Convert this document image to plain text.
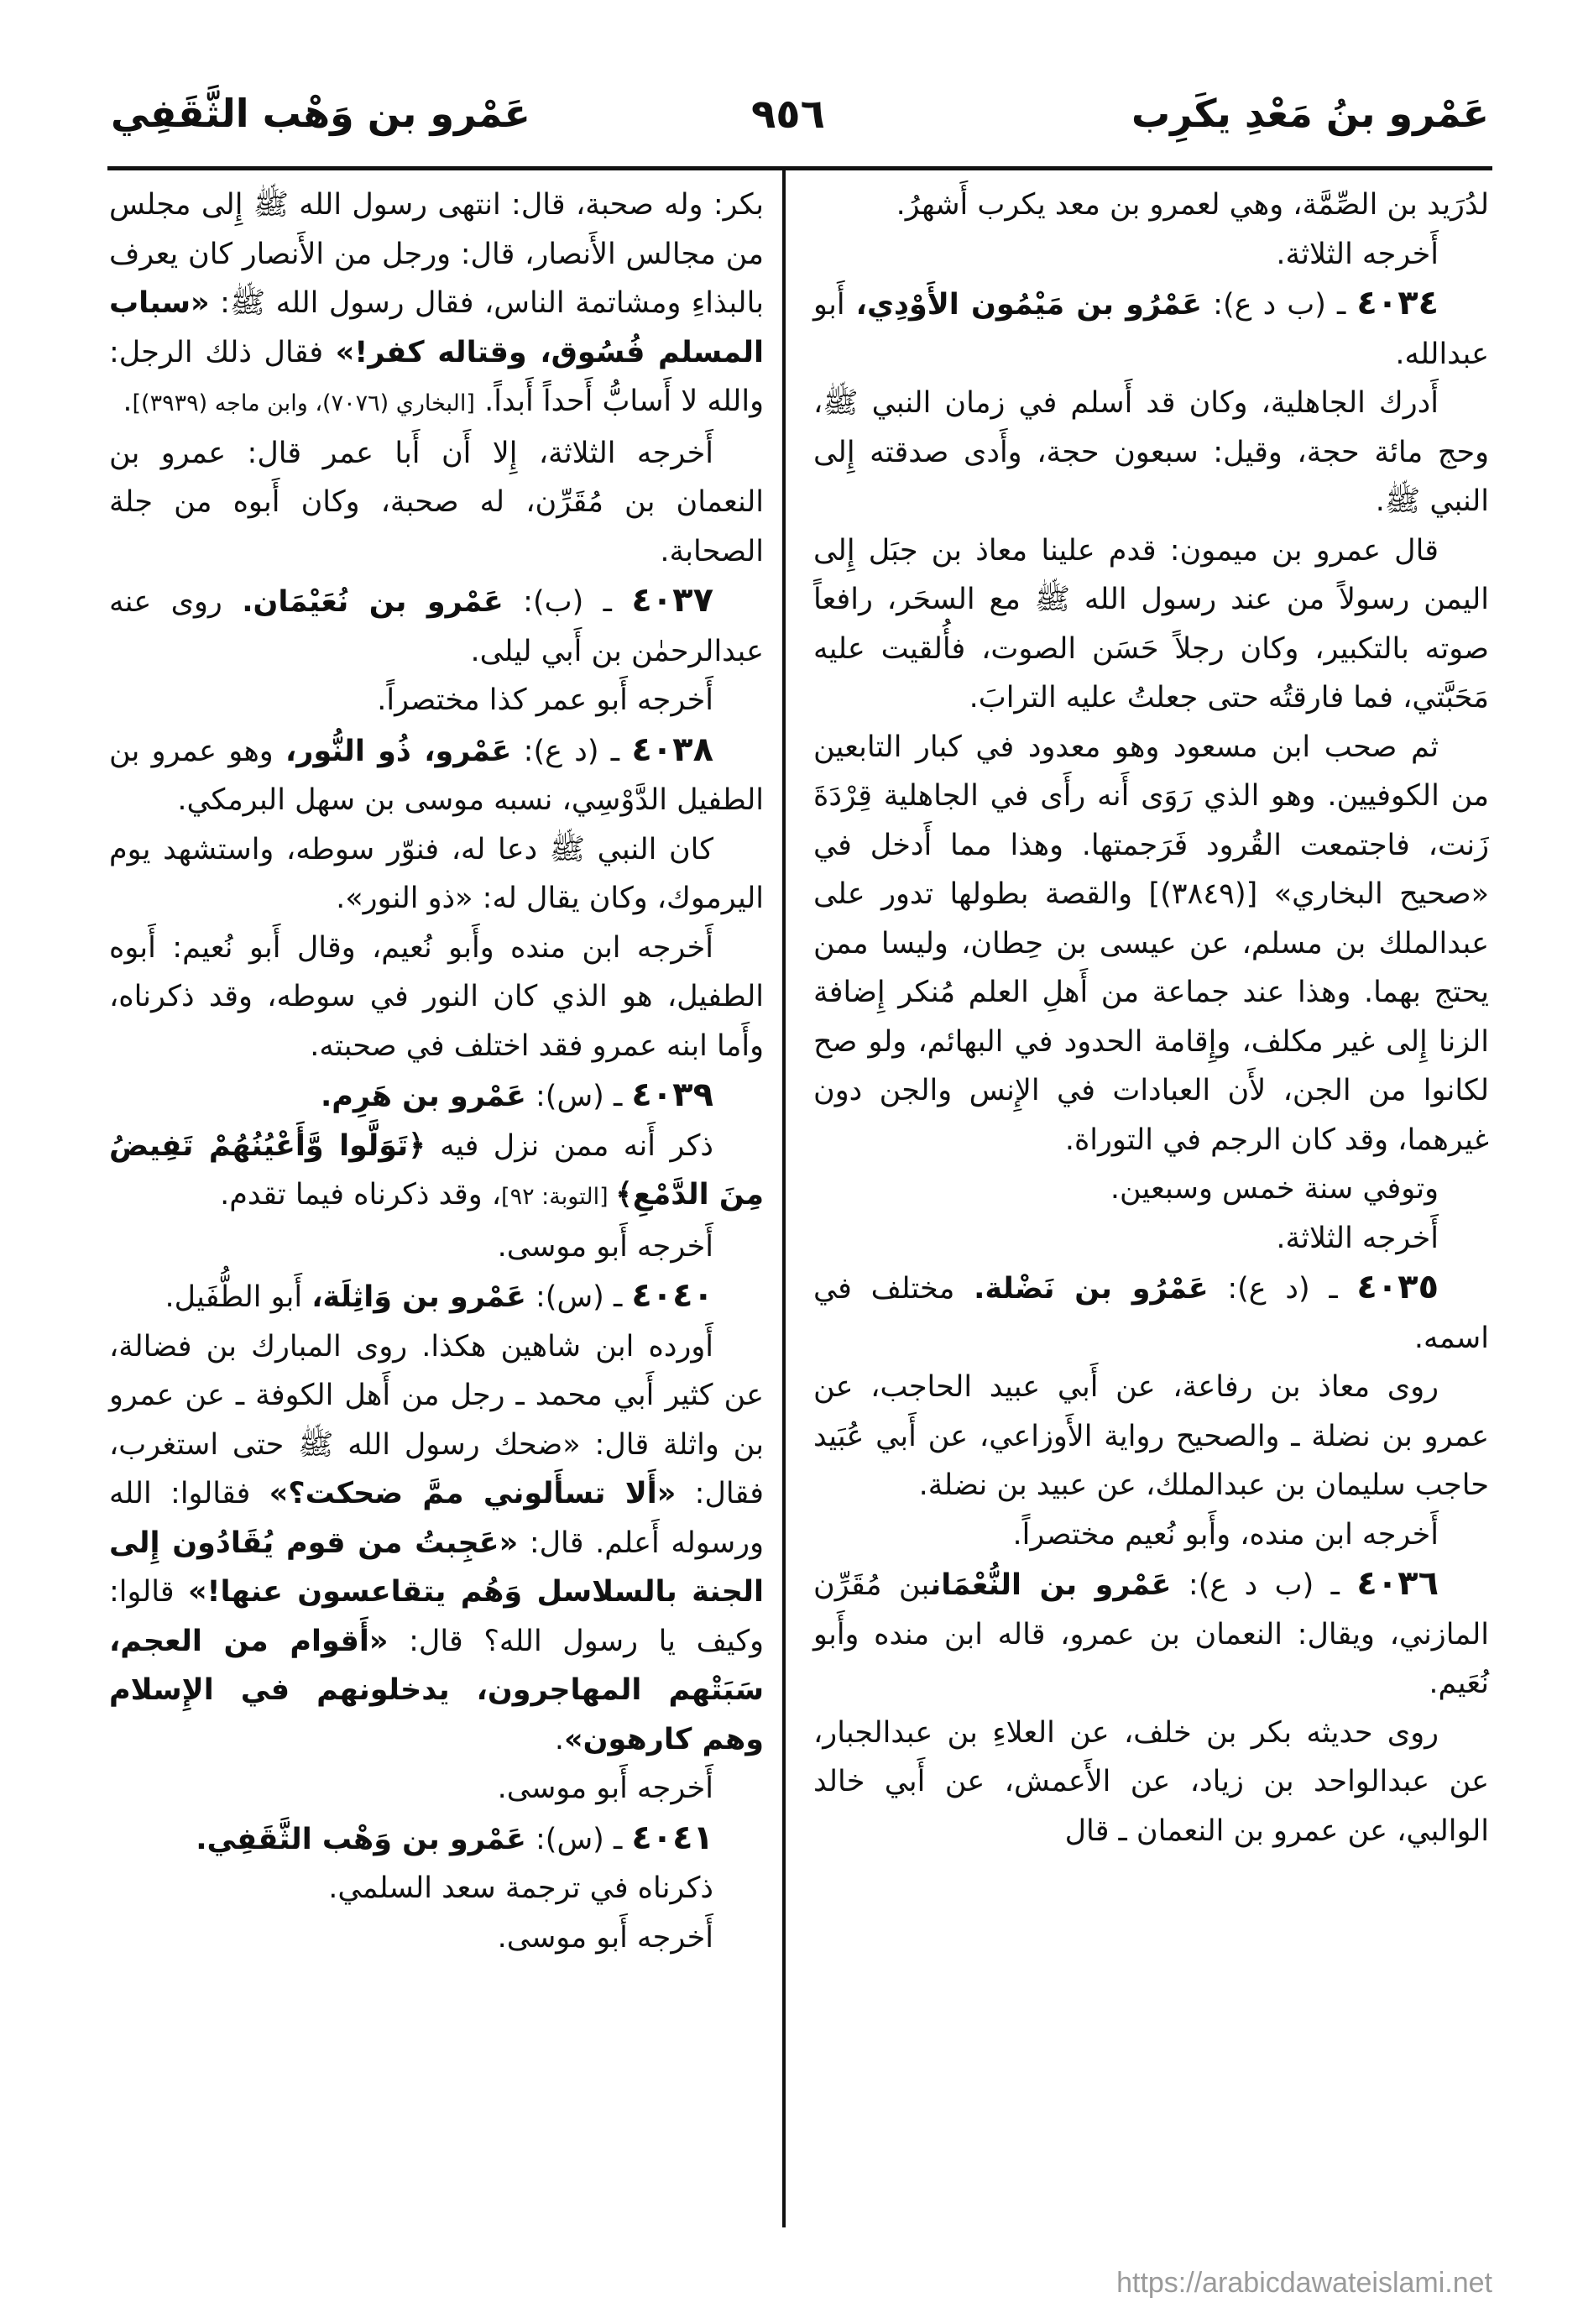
عَمْرو بنُ مَعْدِ يكَرِب
٩٥٦
عَمْرو بن وَهْب الثَّقَفِي

لدُرَيد بن الصِّمَّة، وهي لعمرو بن معد يكرب أَشهرُ.

أَخرجه الثلاثة.

٤٠٣٤ ـ (ب د ع): عَمْرُو بن مَيْمُون الأَوْدِي، أَبو عبدالله.

أَدرك الجاهلية، وكان قد أَسلم في زمان النبي ﷺ، وحج مائة حجة، وقيل: سبعون حجة، وأَدى صدقته إِلى النبي ﷺ.

قال عمرو بن ميمون: قدم علينا معاذ بن جبَل إِلى اليمن رسولاً من عند رسول الله ﷺ مع السحَر، رافعاً صوته بالتكبير، وكان رجلاً حَسَن الصوت، فأُلقيت عليه مَحَبَّتي، فما فارقتُه حتى جعلتُ عليه الترابَ.

ثم صحب ابن مسعود وهو معدود في كبار التابعين من الكوفيين. وهو الذي رَوَى أَنه رأَى في الجاهلية قِرْدَةَ زَنت، فاجتمعت القُرود فَرَجمتها. وهذا مما أَدخل في «صحيح البخاري» [(٣٨٤٩)] والقصة بطولها تدور على عبدالملك بن مسلم، عن عيسى بن حِطان، وليسا ممن يحتج بهما. وهذا عند جماعة من أَهلِ العلم مُنكر إِضافة الزنا إِلى غير مكلف، وإِقامة الحدود في البهائم، ولو صح لكانوا من الجن، لأَن العبادات في الإِنس والجن دون غيرهما، وقد كان الرجم في التوراة.

وتوفي سنة خمس وسبعين.

أَخرجه الثلاثة.

٤٠٣٥ ـ (د ع): عَمْرُو بن نَضْلة. مختلف في اسمه.

روى معاذ بن رفاعة، عن أَبي عبيد الحاجب، عن عمرو بن نضلة ـ والصحيح رواية الأَوزاعي، عن أَبي عُبَيد حاجب سليمان بن عبدالملك، عن عبيد بن نضلة.

أَخرجه ابن منده، وأَبو نُعيم مختصراً.

٤٠٣٦ ـ (ب د ع): عَمْرو بن النُّعْمَانبن مُقَرِّن المازني، ويقال: النعمان بن عمرو، قاله ابن منده وأَبو نُعَيم.

روى حديثه بكر بن خلف، عن العلاءِ بن عبدالجبار، عن عبدالواحد بن زياد، عن الأَعمش، عن أَبي خالد الوالبي، عن عمرو بن النعمان ـ قال

بكر: وله صحبة، قال: انتهى رسول الله ﷺ إِلى مجلس من مجالس الأَنصار، قال: ورجل من الأَنصار كان يعرف بالبذاءِ ومشاتمة الناس، فقال رسول الله ﷺ: «سباب المسلم فُسُوق، وقتاله كفر!» فقال ذلك الرجل: والله لا أَسابُّ أَحداً أَبداً. [البخاري (٧٠٧٦)، وابن ماجه (٣٩٣٩)].

أَخرجه الثلاثة، إِلا أَن أَبا عمر قال: عمرو بن النعمان بن مُقَرِّن، له صحبة، وكان أَبوه من جلة الصحابة.

٤٠٣٧ ـ (ب): عَمْرو بن نُعَيْمَان. روى عنه عبدالرحمٰن بن أَبي ليلى.

أَخرجه أَبو عمر كذا مختصراً.

٤٠٣٨ ـ (د ع): عَمْرو، ذُو النُّور، وهو عمرو بن الطفيل الدَّوْسِي، نسبه موسى بن سهل البرمكي.

كان النبي ﷺ دعا له، فنوّر سوطه، واستشهد يوم اليرموك، وكان يقال له: «ذو النور».

أَخرجه ابن منده وأَبو نُعيم، وقال أَبو نُعيم: أَبوه الطفيل، هو الذي كان النور في سوطه، وقد ذكرناه، وأَما ابنه عمرو فقد اختلف في صحبته.

٤٠٣٩ ـ (س): عَمْرو بن هَرِم.

ذكر أَنه ممن نزل فيه ﴿تَوَلَّوا وَّأَعْيُنُهُمْ تَفِيضُ مِنَ الدَّمْعِ﴾ [التوبة: ٩٢]، وقد ذكرناه فيما تقدم.

أَخرجه أَبو موسى.

٤٠٤٠ ـ (س): عَمْرو بن وَاثِلَة، أَبو الطُّفَيل.

أَورده ابن شاهين هكذا. روى المبارك بن فضالة، عن كثير أَبي محمد ـ رجل من أَهل الكوفة ـ عن عمرو بن واثلة قال: «ضحك رسول الله ﷺ حتى استغرب، فقال: «أَلا تسأَلوني ممَّ ضحكت؟» فقالوا: الله ورسوله أَعلم. قال: «عَجِبتُ من قوم يُقَادُون إِلى الجنة بالسلاسل وَهُم يتقاعسون عنها!» قالوا: وكيف يا رسول الله؟ قال: «أَقوام من العجم، سَبَتْهم المهاجرون، يدخلونهم في الإِسلام وهم كارهون».

أَخرجه أَبو موسى.

٤٠٤١ ـ (س): عَمْرو بن وَهْب الثَّقَفِي.

ذكرناه في ترجمة سعد السلمي.

أَخرجه أَبو موسى.

https://arabicdawateislami.net
